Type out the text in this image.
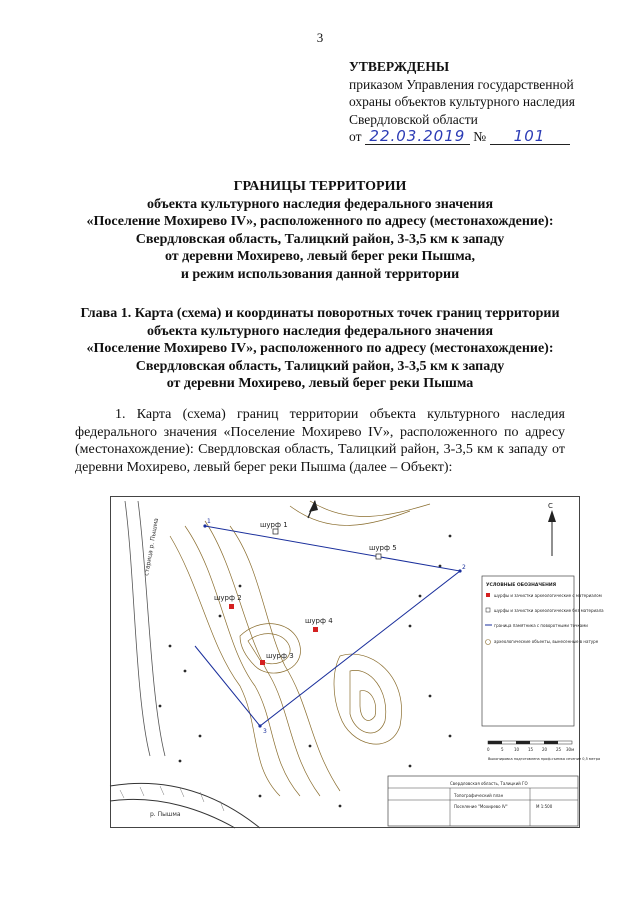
3
УТВЕРЖДЕНЫ
приказом Управления государственной
охраны объектов культурного наследия
Свердловской области
от 22.03.2019 № 101
ГРАНИЦЫ ТЕРРИТОРИИ
объекта культурного наследия федерального значения
«Поселение Мохирево IV», расположенного по адресу (местонахождение):
Свердловская область, Талицкий район, 3-3,5 км к западу
от деревни Мохирево, левый берег реки Пышма,
и режим использования данной территории
Глава 1. Карта (схема) и координаты поворотных точек границ территории
объекта культурного наследия федерального значения
«Поселение Мохирево IV», расположенного по адресу (местонахождение):
Свердловская область, Талицкий район, 3-3,5 км к западу
от деревни Мохирево, левый берег реки Пышма
1. Карта (схема) границ территории объекта культурного наследия федерального значения «Поселение Мохирево IV», расположенного по адресу (местонахождение): Свердловская область, Талицкий район, 3-3,5 км к западу от деревни Мохирево, левый берег реки Пышма (далее – Объект):
старица р. Пышма
р. Пышма
1
2
3
шурф 1
шурф 2
шурф 3
шурф 4
шурф 5
С
УСЛОВНЫЕ ОБОЗНАЧЕНИЯ
шурфы и зачистки археологические с материалом
шурфы и зачистки археологические без материала
граница памятника с поворотными точками
археологические объекты, вынесенные в натуре
0	5	10 15 20 25 30м
Выкопировка подготовлена проф.съемка сечение 0,5 метра
Свердловская область, Талицкий ГО
Топографический план
Поселение "Мохирево IV"	М 1:500
